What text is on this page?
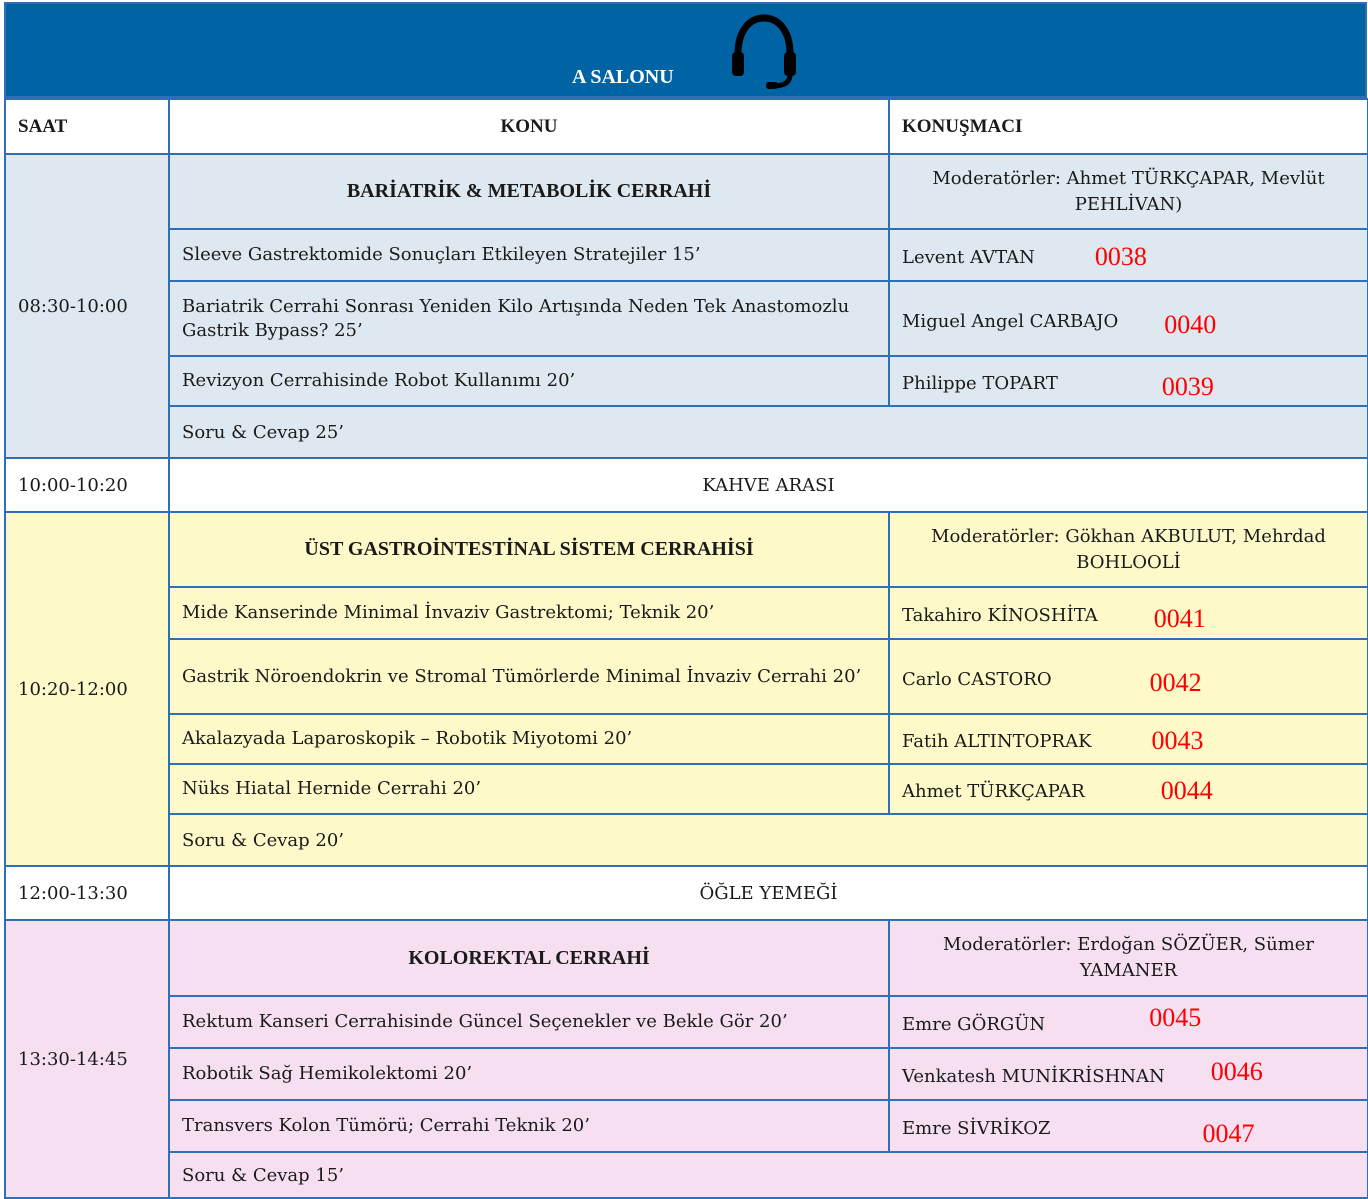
A SALONU
SAAT	KONU	KONUŞMACI
08:30-10:00	BARİATRİK & METABOLİK CERRAHİ	Moderatörler: Ahmet TÜRKÇAPAR, Mevlüt PEHLİVAN)
	Sleeve Gastrektomide Sonuçları Etkileyen Stratejiler 15’	Levent AVTAN 0038
	Bariatrik Cerrahi Sonrası Yeniden Kilo Artışında Neden Tek Anastomozlu Gastrik Bypass? 25’	Miguel Angel CARBAJO 0040
	Revizyon Cerrahisinde Robot Kullanımı 20’	Philippe TOPART 0039
	Soru & Cevap 25’	
10:00-10:20	KAHVE ARASI	
10:20-12:00	ÜST GASTROİNTESTİNAL SİSTEM CERRAHİSİ	Moderatörler: Gökhan AKBULUT, Mehrdad BOHLOOLİ
	Mide Kanserinde Minimal İnvaziv Gastrektomi; Teknik 20’	Takahiro KİNOSHİTA 0041
	Gastrik Nöroendokrin ve Stromal Tümörlerde Minimal İnvaziv Cerrahi 20’	Carlo CASTORO 0042
	Akalazyada Laparoskopik – Robotik Miyotomi 20’	Fatih ALTINTOPRAK 0043
	Nüks Hiatal Hernide Cerrahi 20’	Ahmet TÜRKÇAPAR 0044
	Soru & Cevap 20’	
12:00-13:30	ÖĞLE YEMEĞİ	
13:30-14:45	KOLOREKTAL CERRAHİ	Moderatörler: Erdoğan SÖZÜER, Sümer YAMANER
	Rektum Kanseri Cerrahisinde Güncel Seçenekler ve Bekle Gör 20’	Emre GÖRGÜN 0045
	Robotik Sağ Hemikolektomi 20’	Venkatesh MUNİKRİSHNAN 0046
	Transvers Kolon Tümörü; Cerrahi Teknik 20’	Emre SİVRİKOZ 0047
	Soru & Cevap 15’	
